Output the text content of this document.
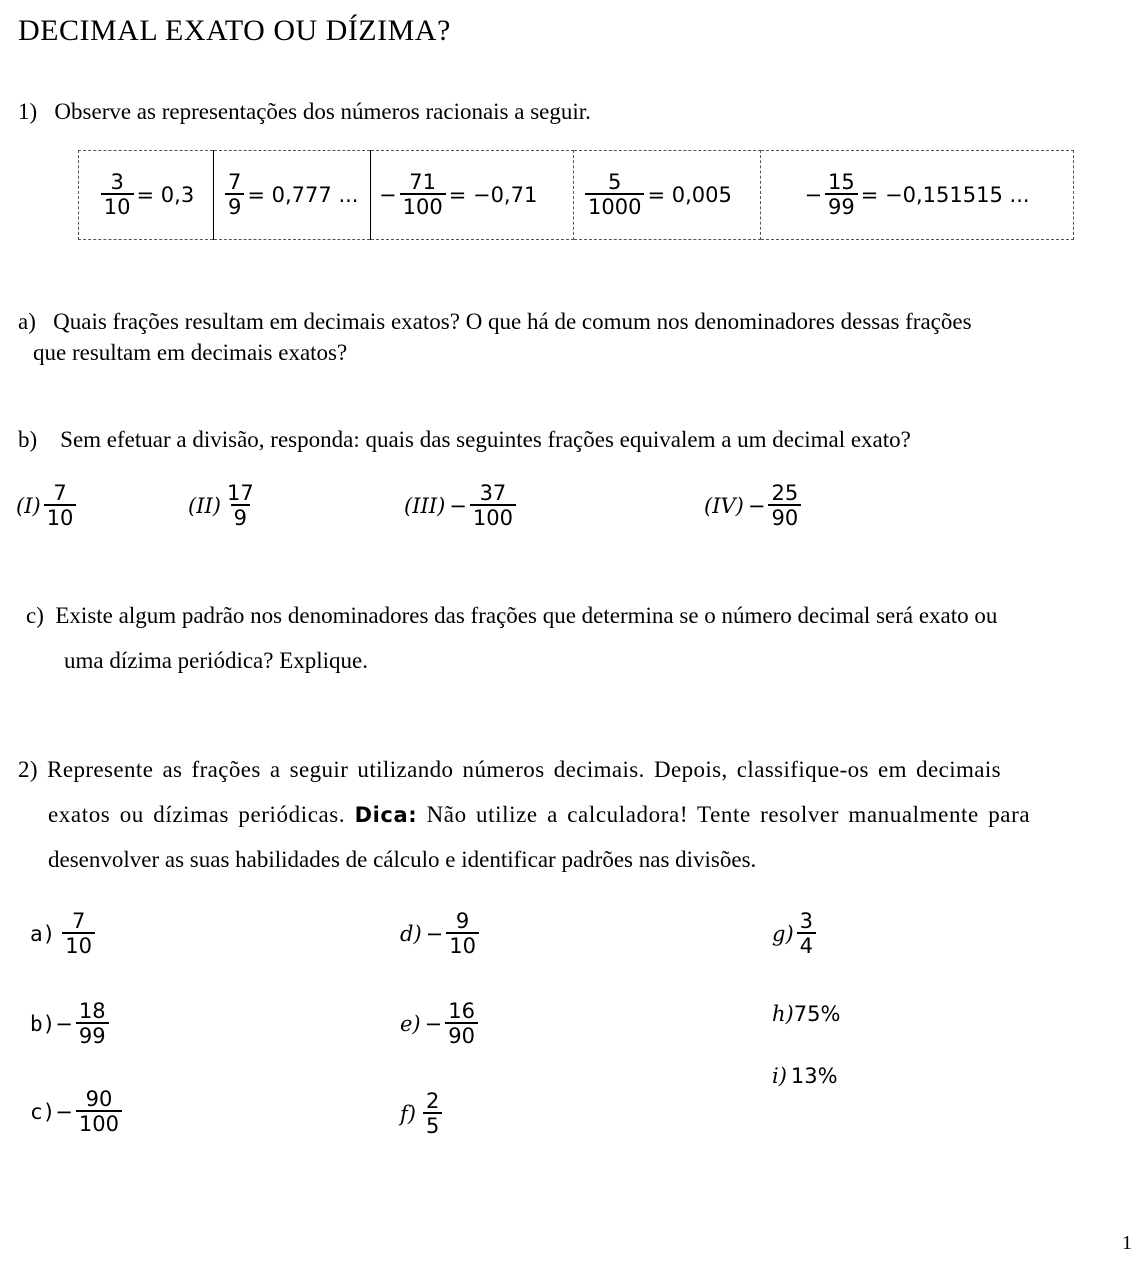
DECIMAL EXATO OU DÍZIMA?
1) Observe as representações dos números racionais a seguir.
$\frac{3}{10} = 0,3$	$\frac{7}{9} = 0,777$ ...	− $\frac{71}{100} = -0,71$	$\frac{5}{1000} = 0,005$	− $\frac{15}{99} = -0,151515$ ...
a) Quais frações resultam em decimais exatos? O que há de comum nos denominadores dessas frações
que resultam em decimais exatos?
b) Sem efetuar a divisão, responda: quais das seguintes frações equivalem a um decimal exato?
$(I) \frac{7}{10}$	$(II) \frac{17}{9}$	(III)
− $\frac{37}{100}$	(IV)
− $\frac{25}{90}$
c) Existe algum padrão nos denominadores das frações que determina se o número decimal será exato ou
uma dízima periódica? Explique.
2) Represente as frações a seguir utilizando números decimais. Depois, classifique-os em decimais
exatos ou dízimas periódicas. Dica: Não utilize a calculadora! Tente resolver manualmente para
desenvolver as suas habilidades de cálculo e identificar padrões nas divisões.
a)
$\frac{7}{10}$
$b) - \frac{18}{99}$
$c) - \frac{90}{100}$
d)
− $\frac{9}{10}$
e)
− $\frac{16}{90}$
f)
$\frac{2}{5}$
$g) \frac{3}{4}$
h) 75%
i)
13%
1
